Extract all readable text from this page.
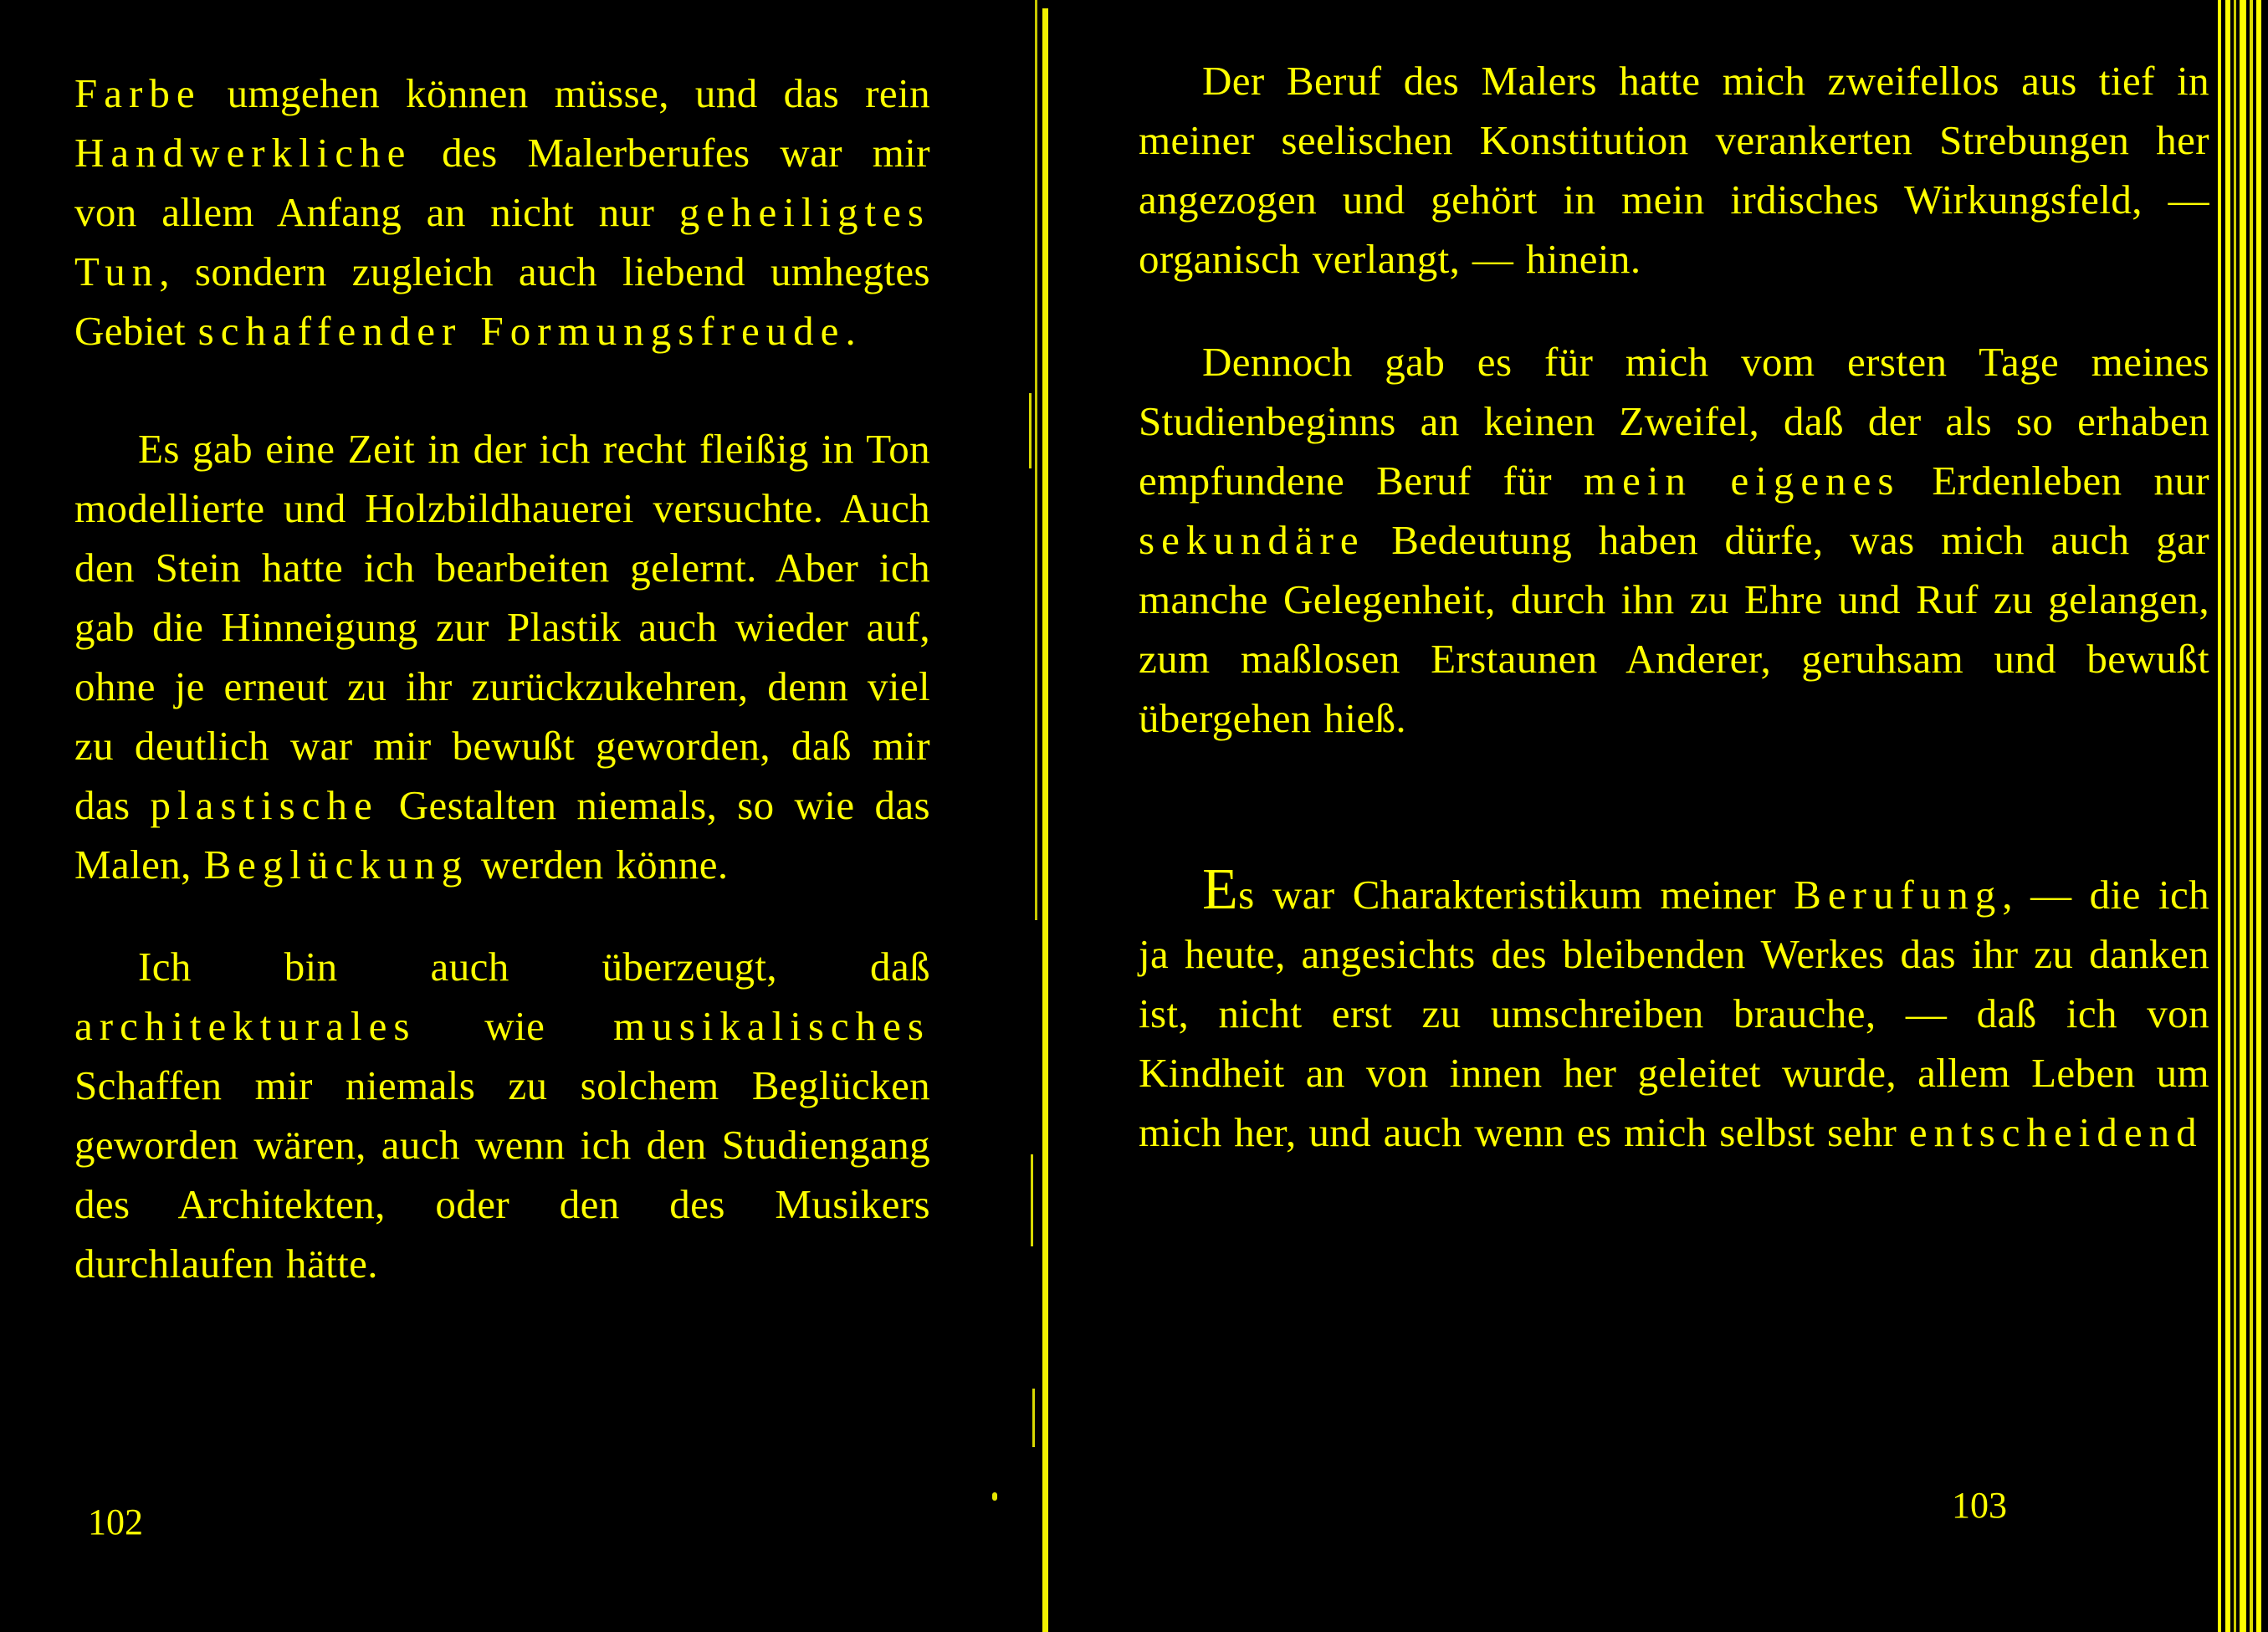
Farbe umgehen können müsse, und das rein Handwerkliche des Malerberufes war mir von allem Anfang an nicht nur geheiligtes Tun, sondern zugleich auch liebend umhegtes Gebiet schaffender Formungsfreude.

Es gab eine Zeit in der ich recht fleißig in Ton modellierte und Holzbildhauerei versuchte. Auch den Stein hatte ich bearbeiten gelernt. Aber ich gab die Hinneigung zur Plastik auch wieder auf, ohne je erneut zu ihr zurückzukehren, denn viel zu deutlich war mir bewußt geworden, daß mir das plastische Gestalten niemals, so wie das Malen, Beglückung werden könne.

Ich bin auch überzeugt, daß architekturales wie musikalisches Schaffen mir niemals zu solchem Beglücken geworden wären, auch wenn ich den Studiengang des Architekten, oder den des Musikers durchlaufen hätte.

102

Der Beruf des Malers hatte mich zweifellos aus tief in meiner seelischen Konstitution verankerten Strebungen her angezogen und gehört in mein irdisches Wirkungsfeld, — organisch verlangt, — hinein.

Dennoch gab es für mich vom ersten Tage meines Studienbeginns an keinen Zweifel, daß der als so erhaben empfundene Beruf für mein eigenes Erdenleben nur sekundäre Bedeutung haben dürfe, was mich auch gar manche Gelegenheit, durch ihn zu Ehre und Ruf zu gelangen, zum maßlosen Erstaunen Anderer, geruhsam und bewußt übergehen hieß.

Es war Charakteristikum meiner Berufung, — die ich ja heute, angesichts des bleibenden Werkes das ihr zu danken ist, nicht erst zu umschreiben brauche, — daß ich von Kindheit an von innen her geleitet wurde, allem Leben um mich her, und auch wenn es mich selbst sehr entscheidend

103
